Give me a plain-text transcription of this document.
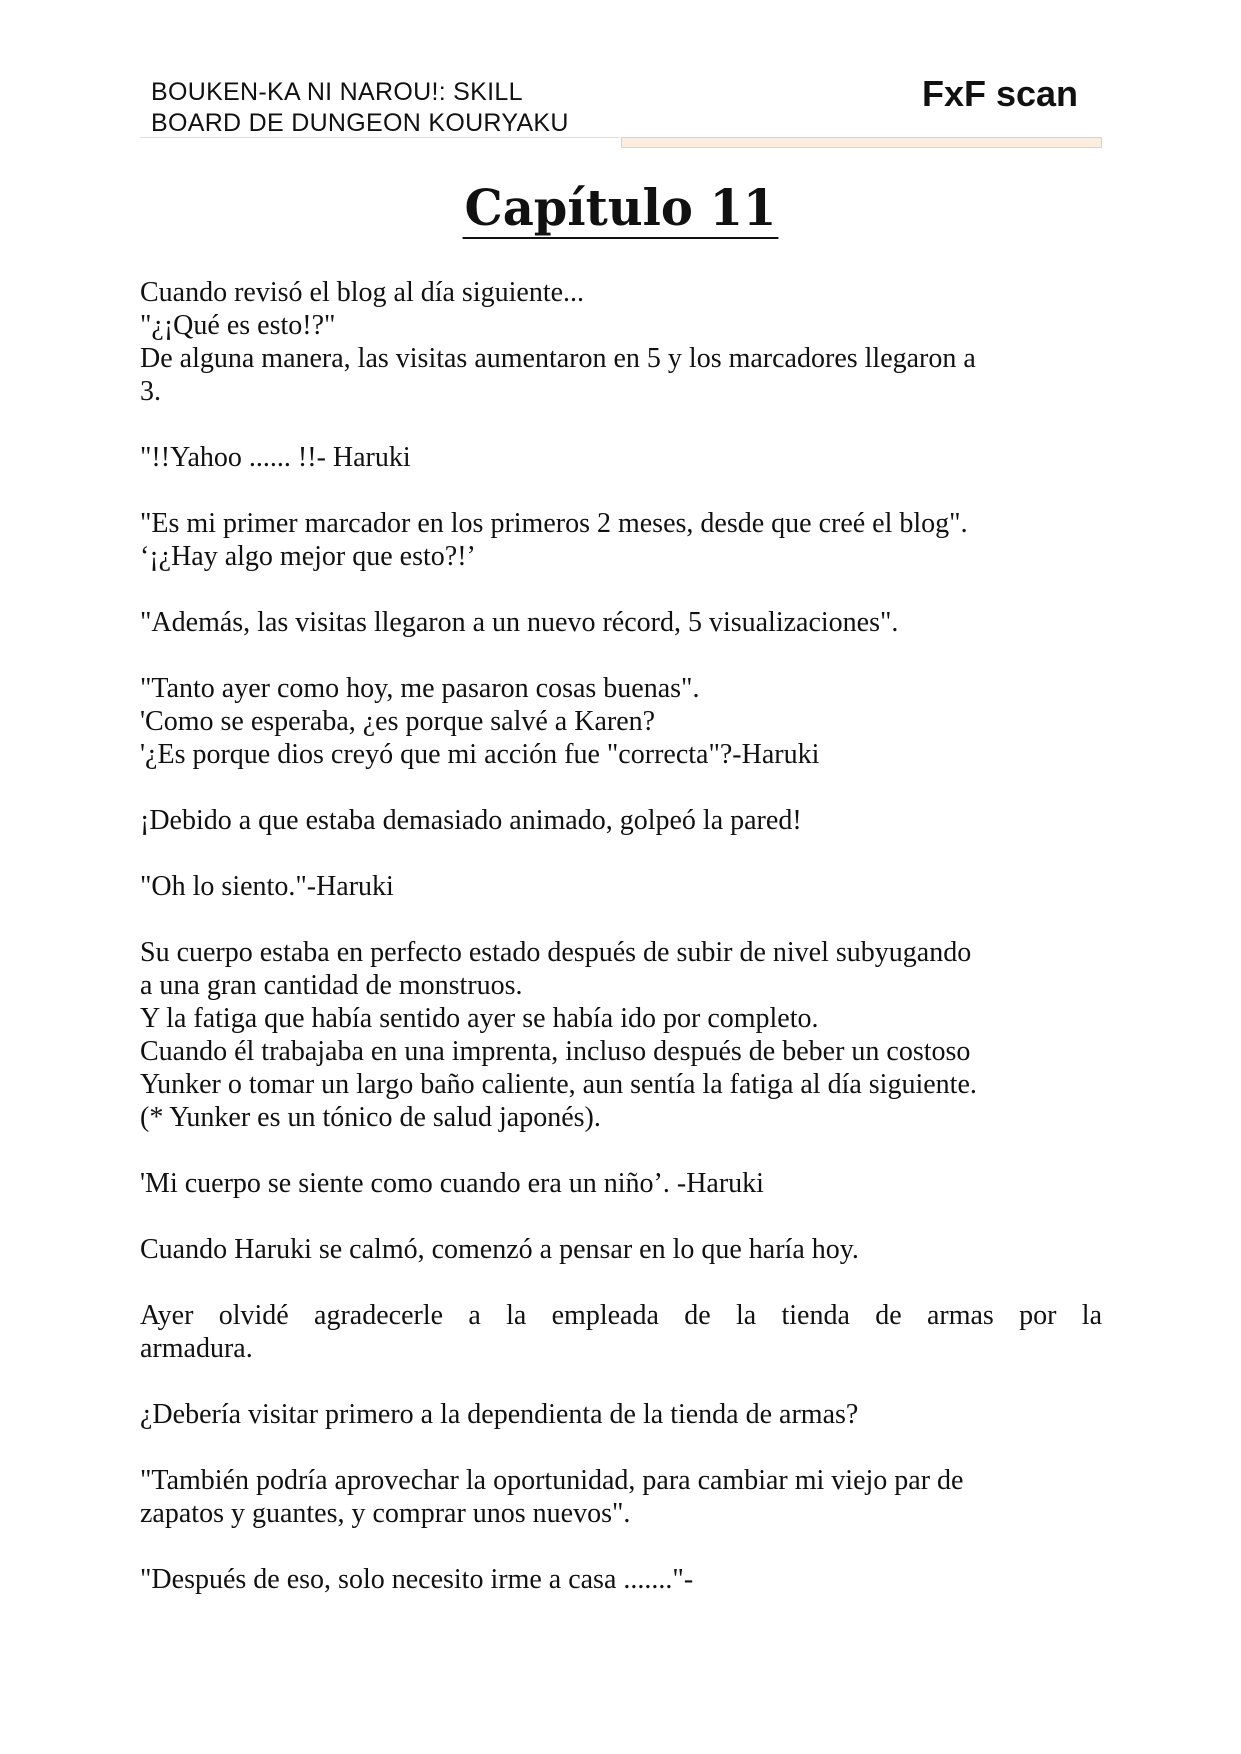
BOUKEN-KA NI NAROU!: SKILL
BOARD DE DUNGEON KOURYAKU
FxF scan
Capítulo 11
Cuando revisó el blog al día siguiente...
"¿¡Qué es esto!?"
De alguna manera, las visitas aumentaron en 5 y los marcadores llegaron a
3.
"!!Yahoo ...... !!- Haruki
"Es mi primer marcador en los primeros 2 meses, desde que creé el blog".
‘¡¿Hay algo mejor que esto?!’
"Además, las visitas llegaron a un nuevo récord, 5 visualizaciones".
"Tanto ayer como hoy, me pasaron cosas buenas".
'Como se esperaba, ¿es porque salvé a Karen?
'¿Es porque dios creyó que mi acción fue "correcta"?-Haruki
¡Debido a que estaba demasiado animado, golpeó la pared!
"Oh lo siento."-Haruki
Su cuerpo estaba en perfecto estado después de subir de nivel subyugando
a una gran cantidad de monstruos.
Y la fatiga que había sentido ayer se había ido por completo.
Cuando él trabajaba en una imprenta, incluso después de beber un costoso
Yunker o tomar un largo baño caliente, aun sentía la fatiga al día siguiente.
(* Yunker es un tónico de salud japonés).
'Mi cuerpo se siente como cuando era un niño’. -Haruki
Cuando Haruki se calmó, comenzó a pensar en lo que haría hoy.
Ayer olvidé agradecerle a la empleada de la tienda de armas por la
armadura.
¿Debería visitar primero a la dependienta de la tienda de armas?
"También podría aprovechar la oportunidad, para cambiar mi viejo par de
zapatos y guantes, y comprar unos nuevos".
"Después de eso, solo necesito irme a casa ......."-
